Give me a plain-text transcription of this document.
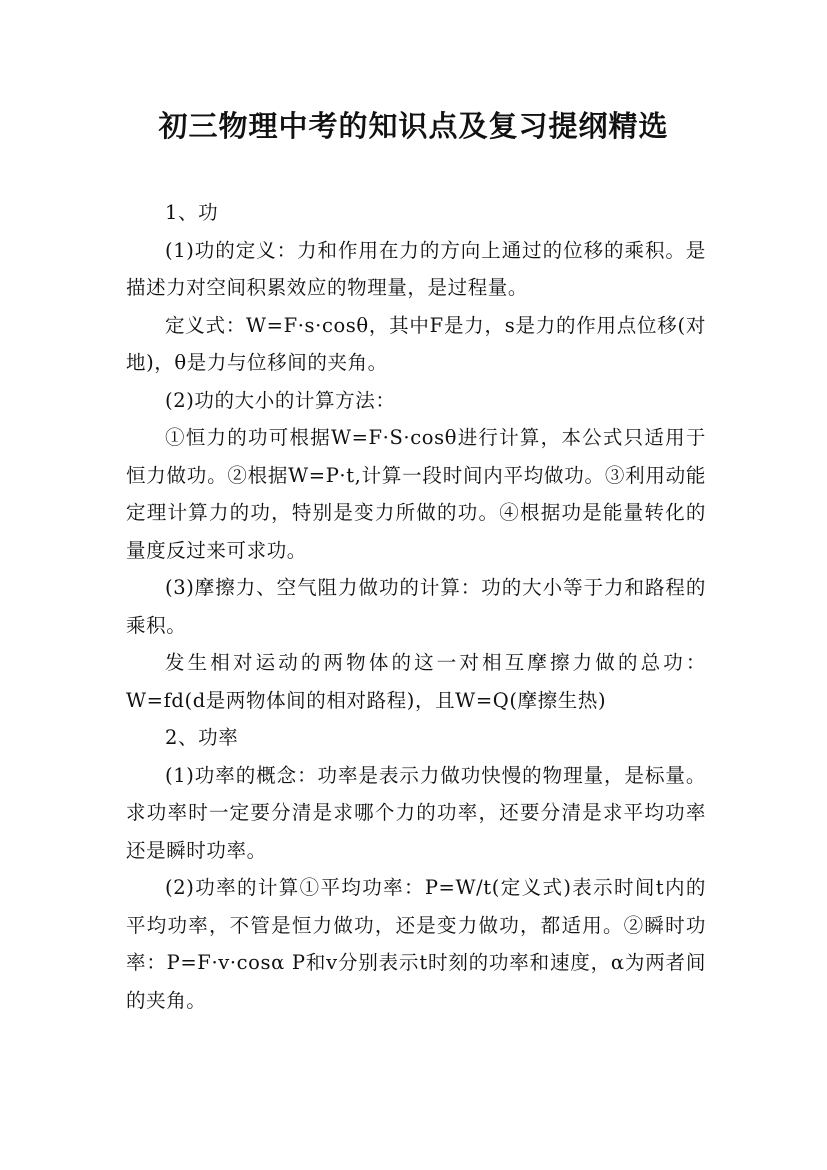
初三物理中考的知识点及复习提纲精选

1、功

(1)功的定义：力和作用在力的方向上通过的位移的乘积。是描述力对空间积累效应的物理量，是过程量。

定义式：W=F·s·cosθ，其中F是力，s是力的作用点位移(对地)，θ是力与位移间的夹角。

(2)功的大小的计算方法：

①恒力的功可根据W=F·S·cosθ进行计算，本公式只适用于恒力做功。②根据W=P·t,计算一段时间内平均做功。③利用动能定理计算力的功，特别是变力所做的功。④根据功是能量转化的量度反过来可求功。

(3)摩擦力、空气阻力做功的计算：功的大小等于力和路程的乘积。

发生相对运动的两物体的这一对相互摩擦力做的总功：W=fd(d是两物体间的相对路程)，且W=Q(摩擦生热)

2、功率

(1)功率的概念：功率是表示力做功快慢的物理量，是标量。求功率时一定要分清是求哪个力的功率，还要分清是求平均功率还是瞬时功率。

(2)功率的计算①平均功率：P=W/t(定义式)表示时间t内的平均功率，不管是恒力做功，还是变力做功，都适用。②瞬时功率：P=F·v·cosα P和v分别表示t时刻的功率和速度，α为两者间的夹角。
